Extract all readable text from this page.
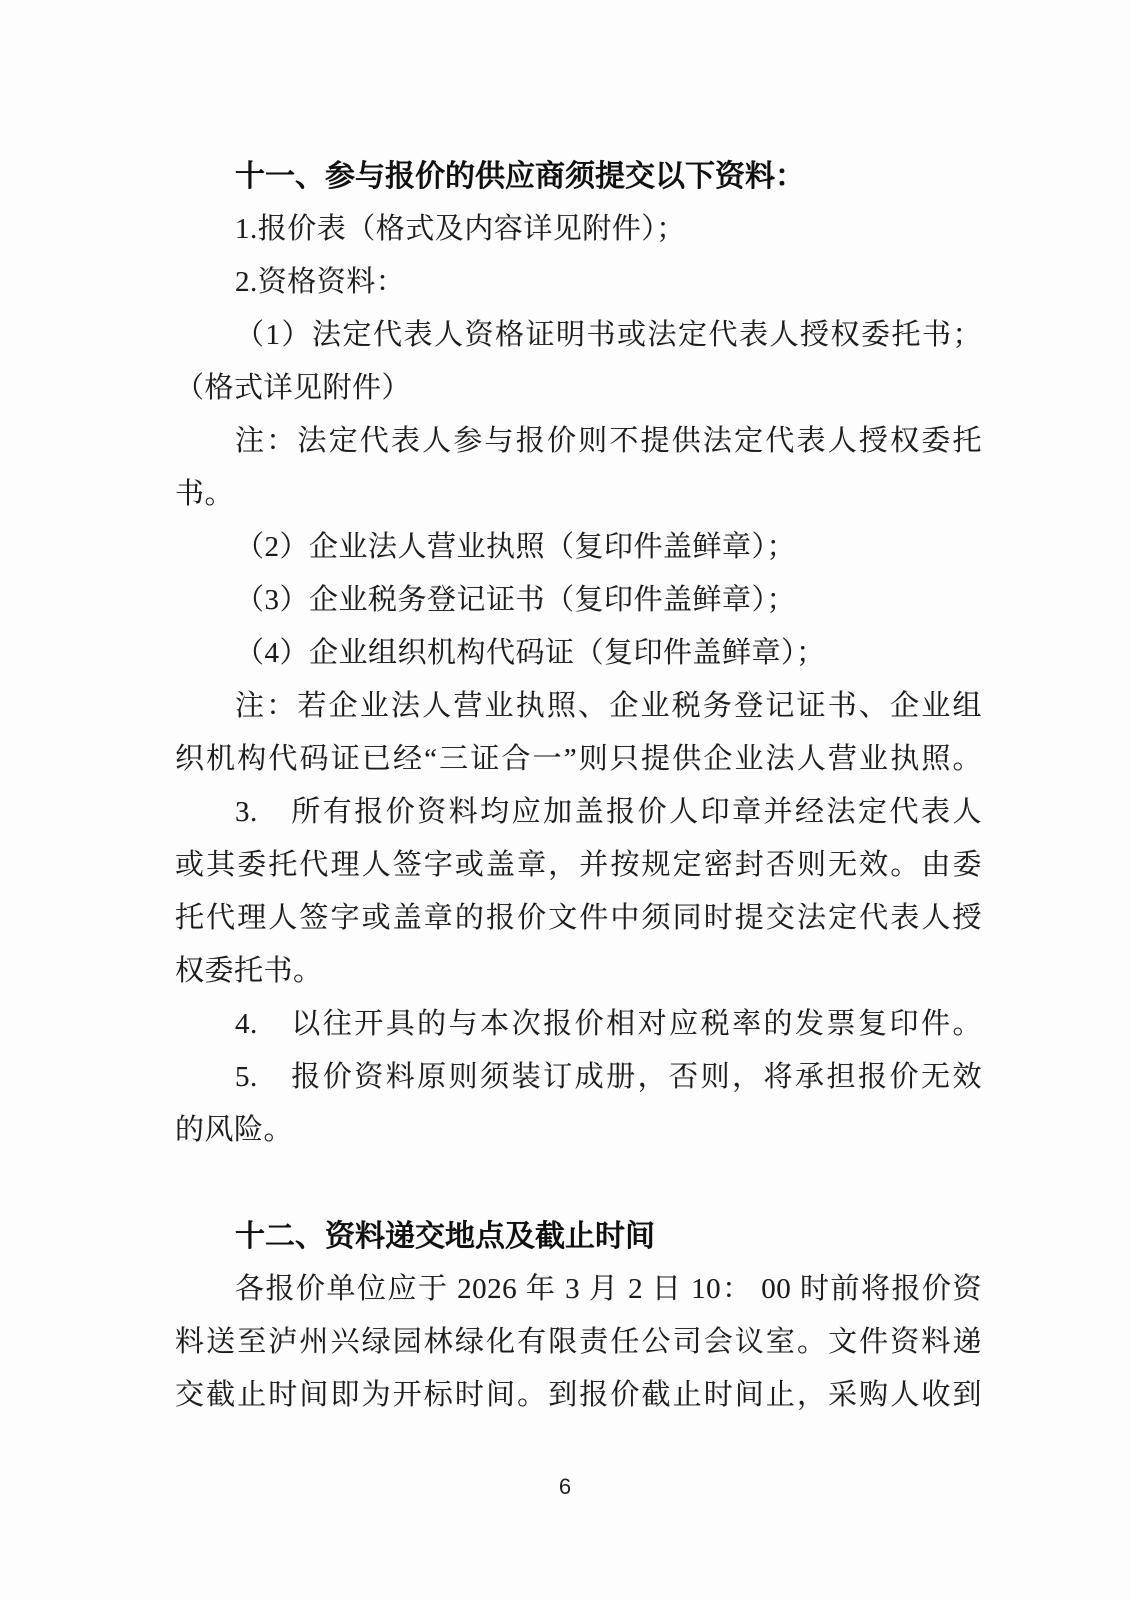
十一、参与报价的供应商须提交以下资料：
1.报价表（格式及内容详见附件）；
2.资格资料：
（1）法定代表人资格证明书或法定代表人授权委托书；
（格式详见附件）
注：法定代表人参与报价则不提供法定代表人授权委托
书。
（2）企业法人营业执照（复印件盖鲜章）；
（3）企业税务登记证书（复印件盖鲜章）；
（4）企业组织机构代码证（复印件盖鲜章）；
注：若企业法人营业执照、企业税务登记证书、企业组
织机构代码证已经“三证合一”则只提供企业法人营业执照。
3.　所有报价资料均应加盖报价人印章并经法定代表人
或其委托代理人签字或盖章，并按规定密封否则无效。由委
托代理人签字或盖章的报价文件中须同时提交法定代表人授
权委托书。
4.　以往开具的与本次报价相对应税率的发票复印件。
5.　报价资料原则须装订成册，否则，将承担报价无效
的风险。
十二、资料递交地点及截止时间
各报价单位应于 2026 年 3 月 2 日 10： 00 时前将报价资
料送至泸州兴绿园林绿化有限责任公司会议室。文件资料递
交截止时间即为开标时间。到报价截止时间止，采购人收到
6
